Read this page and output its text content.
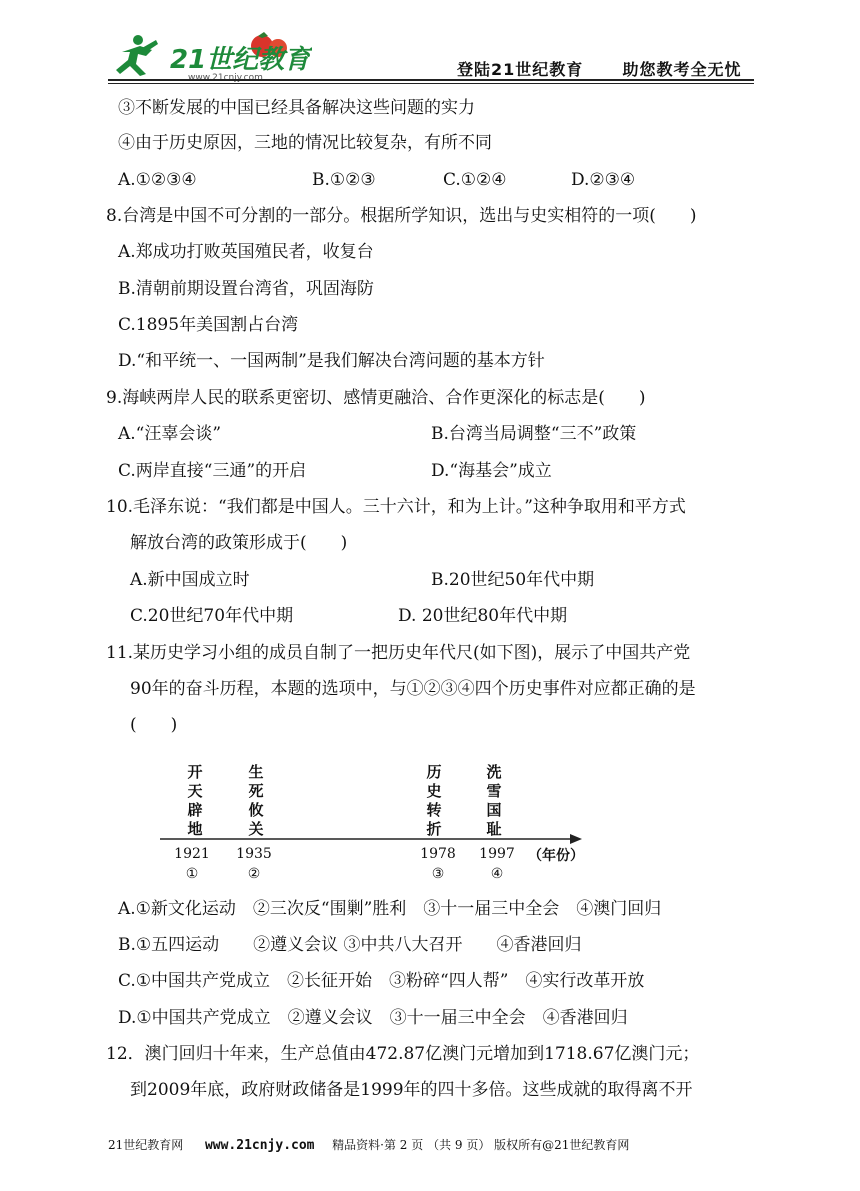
21世纪教育
www.21cnjy.com	登陆21世纪教育 助您教考全无忧
③不断发展的中国已经具备解决这些问题的实力
④由于历史原因，三地的情况比较复杂，有所不同
A.①②③④	B.①②③	C.①②④	D.②③④
8.台湾是中国不可分割的一部分。根据所学知识，选出与史实相符的一项(　　)
A.郑成功打败英国殖民者，收复台
B.清朝前期设置台湾省，巩固海防
C.1895年美国割占台湾
D.“和平统一、一国两制”是我们解决台湾问题的基本方针
9.海峡两岸人民的联系更密切、感情更融洽、合作更深化的标志是(　　)
A.“汪辜会谈”	B.台湾当局调整“三不”政策
C.两岸直接“三通”的开启	D.“海基会”成立
10.毛泽东说：“我们都是中国人。三十六计，和为上计。”这种争取用和平方式
解放台湾的政策形成于(　　)
A.新中国成立时	B.20世纪50年代中期
C.20世纪70年代中期	D. 20世纪80年代中期
11.某历史学习小组的成员自制了一把历史年代尺(如下图)，展示了中国共产党
90年的奋斗历程，本题的选项中，与①②③④四个历史事件对应都正确的是
(　　)
开
天
辟
地
生
死
攸
关
历
史
转
折
洗
雪
国
耻
1921 1935	1978 1997
①	②	③	④
（年份）
A.①新文化运动　②三次反“围剿”胜利　③十一届三中全会　④澳门回归
B.①五四运动　　②遵义会议 ③中共八大召开　　④香港回归
C.①中国共产党成立　②长征开始　③粉碎“四人帮”　④实行改革开放
D.①中国共产党成立　②遵义会议　③十一届三中全会　④香港回归
12．澳门回归十年来，生产总值由472.87亿澳门元增加到1718.67亿澳门元；
到2009年底，政府财政储备是1999年的四十多倍。这些成就的取得离不开
21世纪教育网 www.21cnjy.com 精品资料·第 2 页 （共 9 页） 版权所有@21世纪教育网
